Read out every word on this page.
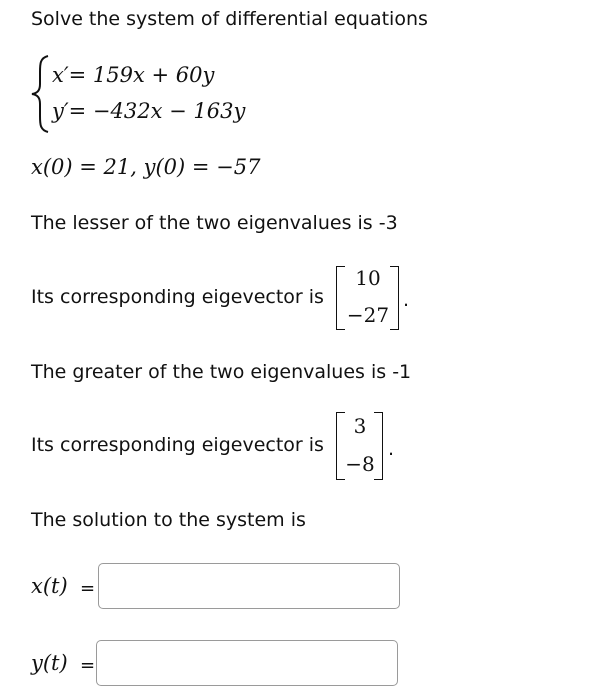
Solve the system of differential equations
x′= 159x + 60y
y′= −432x − 163y
x(0) = 21, y(0) = −57
The lesser of the two eigenvalues is -3
Its corresponding eigevector is
10
−27
.
The greater of the two eigenvalues is -1
Its corresponding eigevector is
3
−8
.
The solution to the system is
x(t) =
y(t) =
